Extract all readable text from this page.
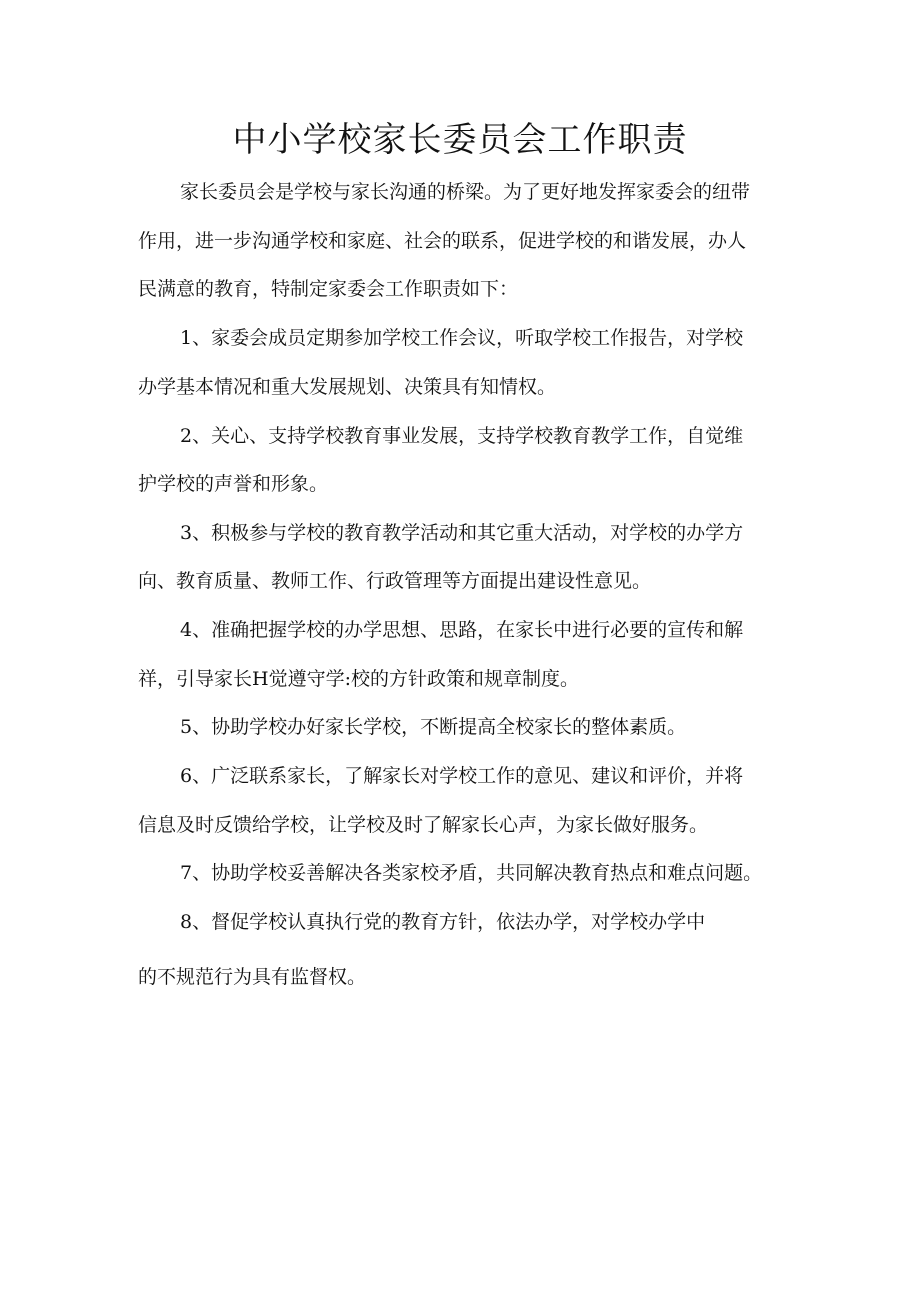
中小学校家长委员会工作职责
家长委员会是学校与家长沟通的桥梁。为了更好地发挥家委会的纽带
作用，进一步沟通学校和家庭、社会的联系，促进学校的和谐发展，办人
民满意的教育，特制定家委会工作职责如下：
1、家委会成员定期参加学校工作会议，听取学校工作报告，对学校
办学基本情况和重大发展规划、决策具有知情权。
2、关心、支持学校教育事业发展，支持学校教育教学工作，自觉维
护学校的声誉和形象。
3、积极参与学校的教育教学活动和其它重大活动，对学校的办学方
向、教育质量、教师工作、行政管理等方面提出建设性意见。
4、准确把握学校的办学思想、思路，在家长中进行必要的宣传和解
祥，引导家长H觉遵守学:校的方针政策和规章制度。
5、协助学校办好家长学校，不断提高全校家长的整体素质。
6、广泛联系家长，了解家长对学校工作的意见、建议和评价，并将
信息及时反馈给学校，让学校及时了解家长心声，为家长做好服务。
7、协助学校妥善解决各类家校矛盾，共同解决教育热点和难点问题。
8、督促学校认真执行党的教育方针，依法办学，对学校办学中
的不规范行为具有监督权。
